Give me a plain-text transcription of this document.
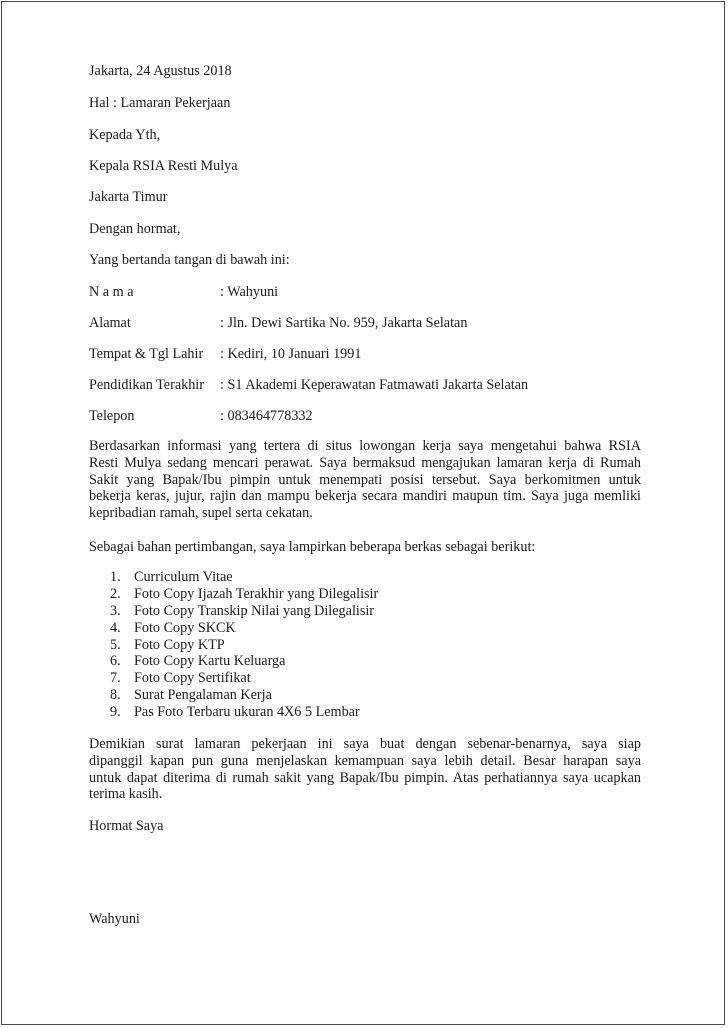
Jakarta, 24 Agustus 2018
Hal : Lamaran Pekerjaan
Kepada Yth,
Kepala RSIA Resti Mulya
Jakarta Timur
Dengan hormat,
Yang bertanda tangan di bawah ini:
N a m a	: Wahyuni
Alamat	: Jln. Dewi Sartika No. 959, Jakarta Selatan
Tempat & Tgl Lahir : Kediri, 10 Januari 1991
Pendidikan Terakhir : S1 Akademi Keperawatan Fatmawati Jakarta Selatan
Telepon	: 083464778332
Berdasarkan informasi yang tertera di situs lowongan kerja saya mengetahui bahwa RSIA
Resti Mulya sedang mencari perawat. Saya bermaksud mengajukan lamaran kerja di Rumah
Sakit yang Bapak/Ibu pimpin untuk menempati posisi tersebut. Saya berkomitmen untuk
bekerja keras, jujur, rajin dan mampu bekerja secara mandiri maupun tim. Saya juga memliki
kepribadian ramah, supel serta cekatan.
Sebagai bahan pertimbangan, saya lampirkan beberapa berkas sebagai berikut:
1. Curriculum Vitae
2. Foto Copy Ijazah Terakhir yang Dilegalisir
3. Foto Copy Transkip Nilai yang Dilegalisir
4. Foto Copy SKCK
5. Foto Copy KTP
6. Foto Copy Kartu Keluarga
7. Foto Copy Sertifikat
8. Surat Pengalaman Kerja
9. Pas Foto Terbaru ukuran 4X6 5 Lembar
Demikian surat lamaran pekerjaan ini saya buat dengan sebenar-benarnya, saya siap
dipanggil kapan pun guna menjelaskan kemampuan saya lebih detail. Besar harapan saya
untuk dapat diterima di rumah sakit yang Bapak/Ibu pimpin. Atas perhatiannya saya ucapkan
terima kasih.
Hormat Saya
Wahyuni
